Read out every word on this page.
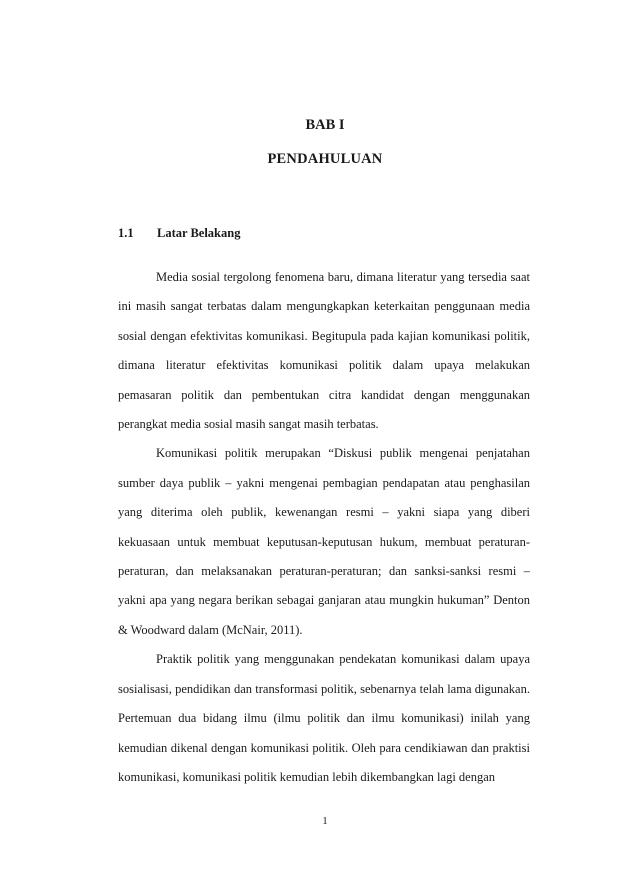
BAB I
PENDAHULUAN
1.1 Latar Belakang

Media sosial tergolong fenomena baru, dimana literatur yang tersedia saat ini masih sangat terbatas dalam mengungkapkan keterkaitan penggunaan media sosial dengan efektivitas komunikasi. Begitupula pada kajian komunikasi politik, dimana literatur efektivitas komunikasi politik dalam upaya melakukan pemasaran politik dan pembentukan citra kandidat dengan menggunakan perangkat media sosial masih sangat masih terbatas.

Komunikasi politik merupakan “Diskusi publik mengenai penjatahan sumber daya publik – yakni mengenai pembagian pendapatan atau penghasilan yang diterima oleh publik, kewenangan resmi – yakni siapa yang diberi kekuasaan untuk membuat keputusan-keputusan hukum, membuat peraturan-peraturan, dan melaksanakan peraturan-peraturan; dan sanksi-sanksi resmi – yakni apa yang negara berikan sebagai ganjaran atau mungkin hukuman” Denton & Woodward dalam (McNair, 2011).

Praktik politik yang menggunakan pendekatan komunikasi dalam upaya sosialisasi, pendidikan dan transformasi politik, sebenarnya telah lama digunakan. Pertemuan dua bidang ilmu (ilmu politik dan ilmu komunikasi) inilah yang kemudian dikenal dengan komunikasi politik. Oleh para cendikiawan dan praktisi komunikasi, komunikasi politik kemudian lebih dikembangkan lagi dengan

1
